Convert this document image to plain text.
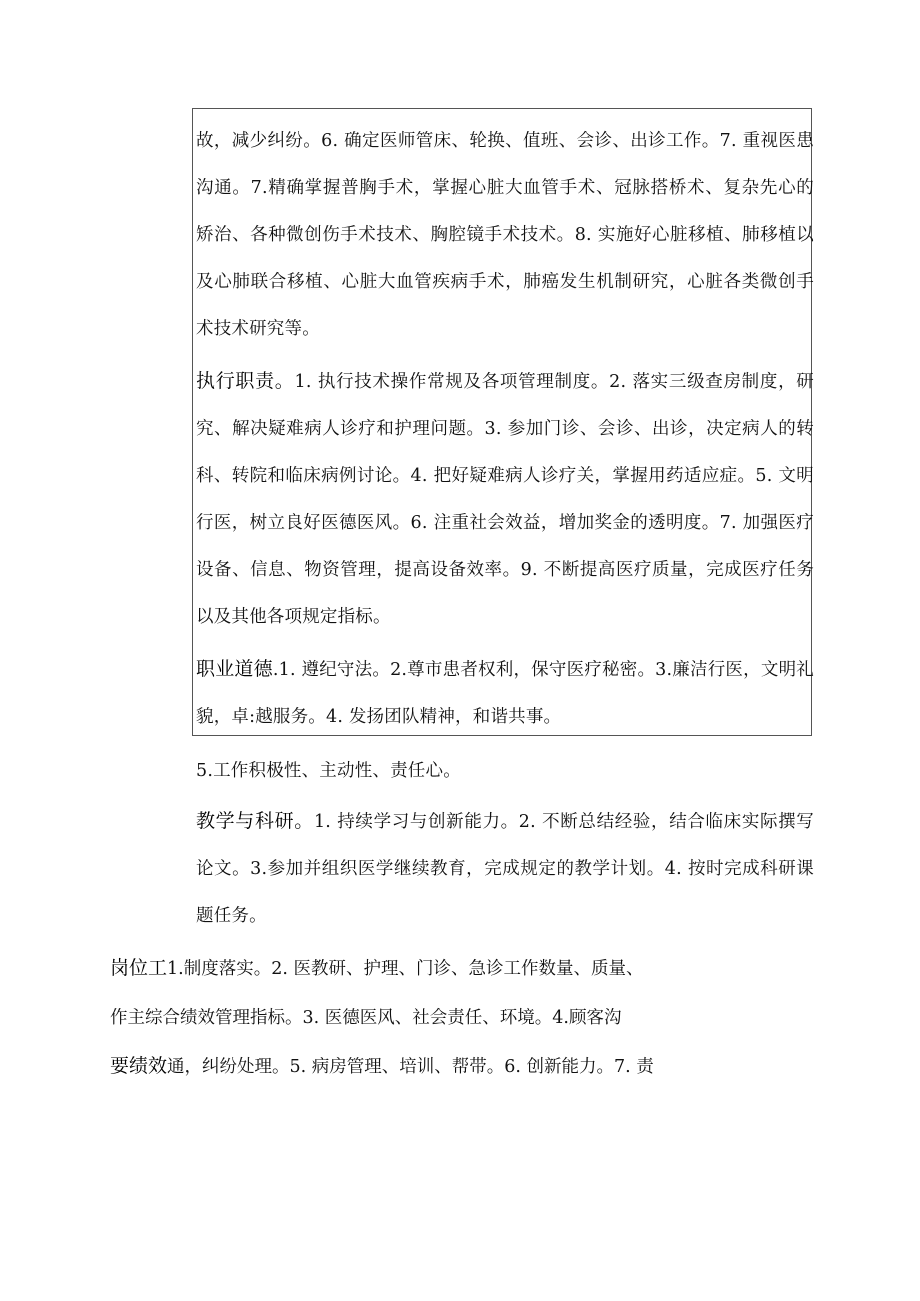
故，减少纠纷。6. 确定医师管床、轮换、值班、会诊、出诊工作。7. 重视医患沟通。7.精确掌握普胸手术，掌握心脏大血管手术、冠脉搭桥术、复杂先心的矫治、各种微创伤手术技术、胸腔镜手术技术。8. 实施好心脏移植、肺移植以及心肺联合移植、心脏大血管疾病手术，肺癌发生机制研究，心脏各类微创手术技术研究等。
执行职责。1. 执行技术操作常规及各项管理制度。2. 落实三级查房制度，研究、解决疑难病人诊疗和护理问题。3. 参加门诊、会诊、出诊，决定病人的转科、转院和临床病例讨论。4. 把好疑难病人诊疗关，掌握用药适应症。5. 文明行医，树立良好医德医风。6. 注重社会效益，增加奖金的透明度。7. 加强医疗设备、信息、物资管理，提高设备效率。9. 不断提高医疗质量，完成医疗任务以及其他各项规定指标。
职业道德.1. 遵纪守法。2.尊市患者权利，保守医疗秘密。3.廉洁行医，文明礼貌，卓:越服务。4. 发扬团队精神，和谐共事。
5.工作积极性、主动性、责任心。
教学与科研。1. 持续学习与创新能力。2. 不断总结经验，结合临床实际撰写论文。3.参加并组织医学继续教育，完成规定的教学计划。4. 按时完成科研课题任务。
岗位工1.制度落实。2. 医教研、护理、门诊、急诊工作数量、质量、
作主综合绩效管理指标。3. 医德医风、社会责任、环境。4.顾客沟
要绩效通，纠纷处理。5. 病房管理、培训、帮带。6. 创新能力。7. 责
